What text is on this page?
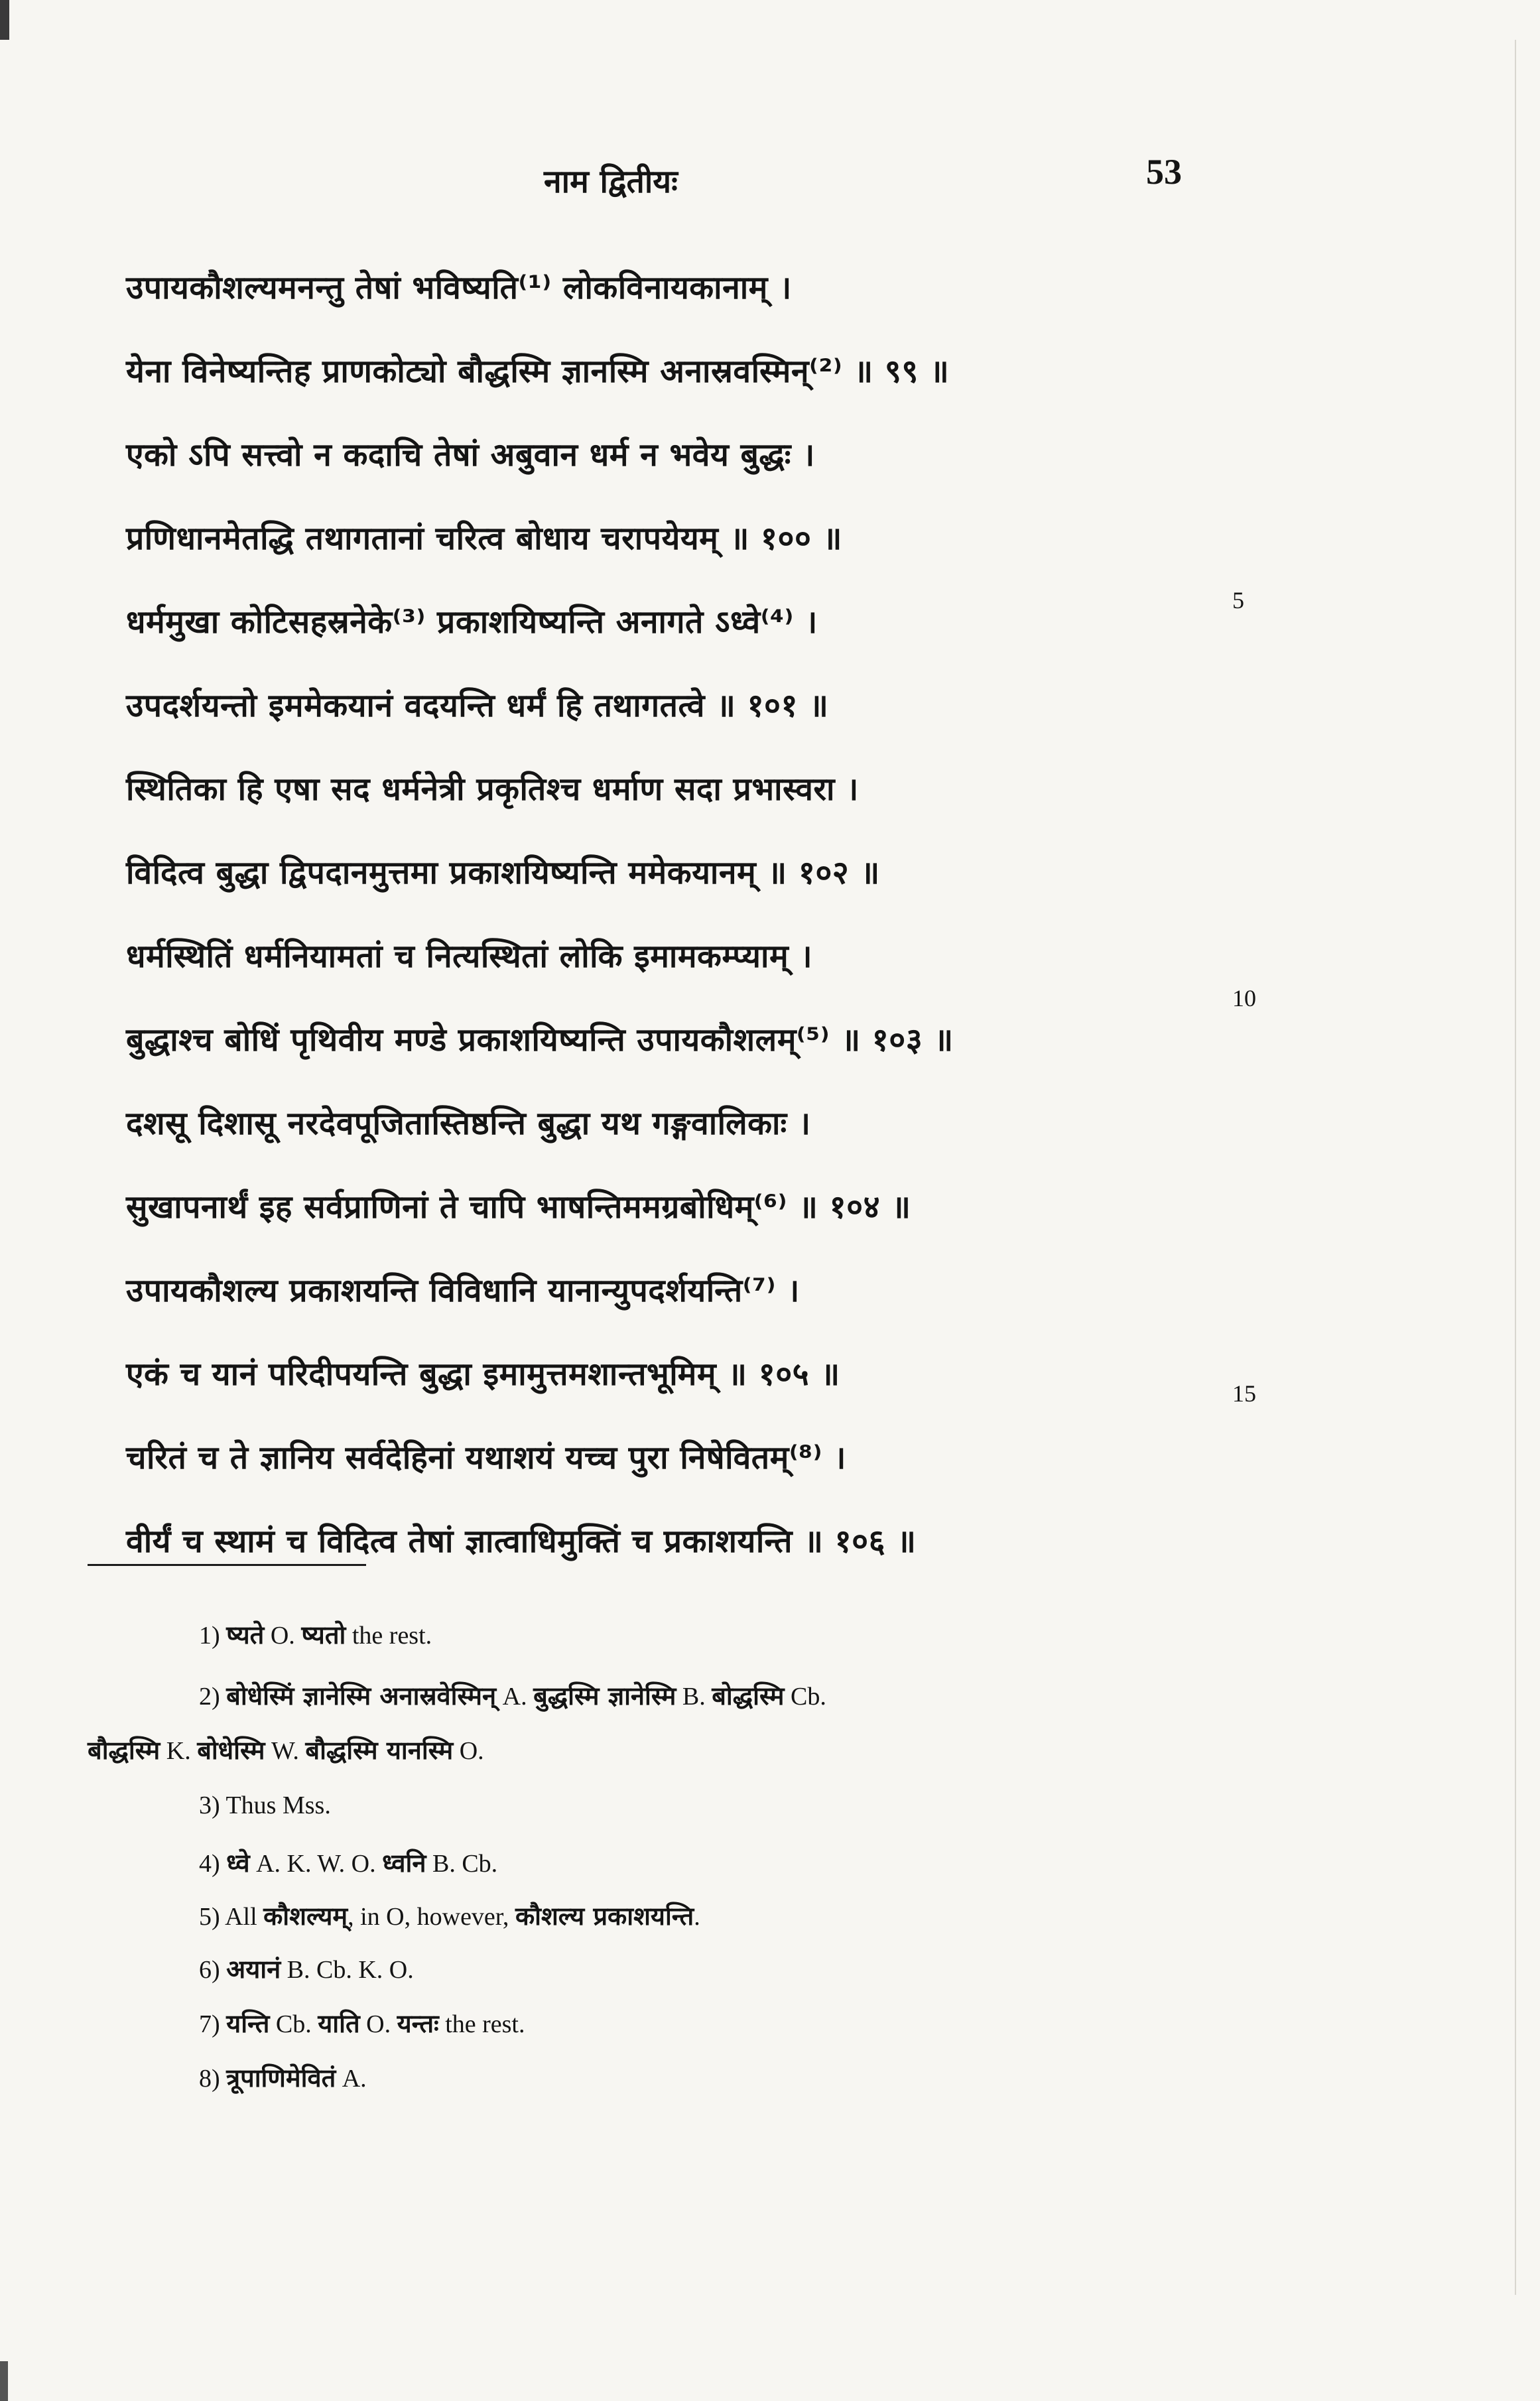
नाम द्वितीयः	53
उपायकौशल्यमनन्तु तेषां भविष्यति⁽¹⁾ लोकविनायकानाम् ।
येना विनेष्यन्तिह प्राणकोट्यो बौद्धस्मि ज्ञानस्मि अनास्रवस्मिन्⁽²⁾ ॥ ९९ ॥
एको ऽपि सत्त्वो न कदाचि तेषां अबुवान धर्म न भवेय बुद्धः ।
प्रणिधानमेतद्धि तथागतानां चरित्व बोधाय चरापयेयम् ॥ १०० ॥
धर्ममुखा कोटिसहस्रनेके⁽³⁾ प्रकाशयिष्यन्ति अनागते ऽध्वे⁽⁴⁾ ।
उपदर्शयन्तो इममेकयानं वदयन्ति धर्मं हि तथागतत्वे ॥ १०१ ॥
स्थितिका हि एषा सद धर्मनेत्री प्रकृतिश्च धर्माण सदा प्रभास्वरा ।
विदित्व बुद्धा द्विपदानमुत्तमा प्रकाशयिष्यन्ति ममेकयानम् ॥ १०२ ॥
धर्मस्थितिं धर्मनियामतां च नित्यस्थितां लोकि इमामकम्प्याम् ।
बुद्धाश्च बोधिं पृथिवीय मण्डे प्रकाशयिष्यन्ति उपायकौशलम्⁽⁵⁾ ॥ १०३ ॥
दशसू दिशासू नरदेवपूजितास्तिष्ठन्ति बुद्धा यथ गङ्गवालिकाः ।
सुखापनार्थं इह सर्वप्राणिनां ते चापि भाषन्तिममग्रबोधिम्⁽⁶⁾ ॥ १०४ ॥
उपायकौशल्य प्रकाशयन्ति विविधानि यानान्युपदर्शयन्ति⁽⁷⁾ ।
एकं च यानं परिदीपयन्ति बुद्धा इमामुत्तमशान्तभूमिम् ॥ १०५ ॥
चरितं च ते ज्ञानिय सर्वदेहिनां यथाशयं यच्च पुरा निषेवितम्⁽⁸⁾ ।
वीर्यं च स्थामं च विदित्व तेषां ज्ञात्वाधिमुक्तिं च प्रकाशयन्ति ॥ १०६ ॥
5
10
15
1) ष्यते O. ष्यतो the rest.
2) बोधेस्मिं ज्ञानेस्मि अनास्रवेस्मिन् A. बुद्धस्मि ज्ञानेस्मि B. बोद्धस्मि Cb.
बौद्धस्मि K. बोधेस्मि W. बौद्धस्मि यानस्मि O.
3) Thus Mss.
4) ध्वे A. K. W. O. ध्वनि B. Cb.
5) All कौशल्यम्, in O, however, कौशल्य प्रकाशयन्ति.
6) अयानं B. Cb. K. O.
7) यन्ति Cb. याति O. यन्तः the rest.
8) त्रूपाणिमेवितं A.
